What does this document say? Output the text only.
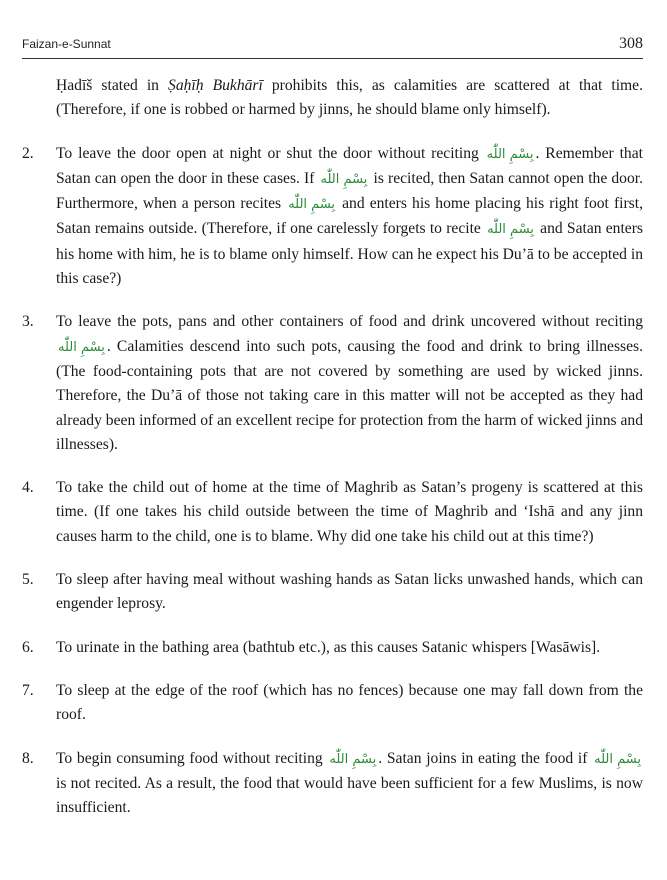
Faizan-e-Sunnat	308

Ḥadīš stated in Ṣaḥīḥ Bukhārī prohibits this, as calamities are scattered at that time. (Therefore, if one is robbed or harmed by jinns, he should blame only himself).

2.	To leave the door open at night or shut the door without reciting بِسْمِ اللّٰه . Remember that Satan can open the door in these cases. If بِسْمِ اللّٰه is recited, then Satan cannot open the door. Furthermore, when a person recites بِسْمِ اللّٰه and enters his home placing his right foot first, Satan remains outside. (Therefore, if one carelessly forgets to recite بِسْمِ اللّٰه and Satan enters his home with him, he is to blame only himself. How can he expect his Du’ā to be accepted in this case?)

3.	To leave the pots, pans and other containers of food and drink uncovered without reciting بِسْمِ اللّٰه . Calamities descend into such pots, causing the food and drink to bring illnesses. (The food-containing pots that are not covered by something are used by wicked jinns. Therefore, the Du’ā of those not taking care in this matter will not be accepted as they had already been informed of an excellent recipe for protection from the harm of wicked jinns and illnesses).

4.	To take the child out of home at the time of Maghrib as Satan’s progeny is scattered at this time. (If one takes his child outside between the time of Maghrib and ‘Ishā and any jinn causes harm to the child, one is to blame. Why did one take his child out at this time?)

5.	To sleep after having meal without washing hands as Satan licks unwashed hands, which can engender leprosy.

6.	To urinate in the bathing area (bathtub etc.), as this causes Satanic whispers [Wasāwis].

7.	To sleep at the edge of the roof (which has no fences) because one may fall down from the roof.

8.	To begin consuming food without reciting بِسْمِ اللّٰه . Satan joins in eating the food if بِسْمِ اللّٰه is not recited. As a result, the food that would have been sufficient for a few Muslims, is now insufficient.
